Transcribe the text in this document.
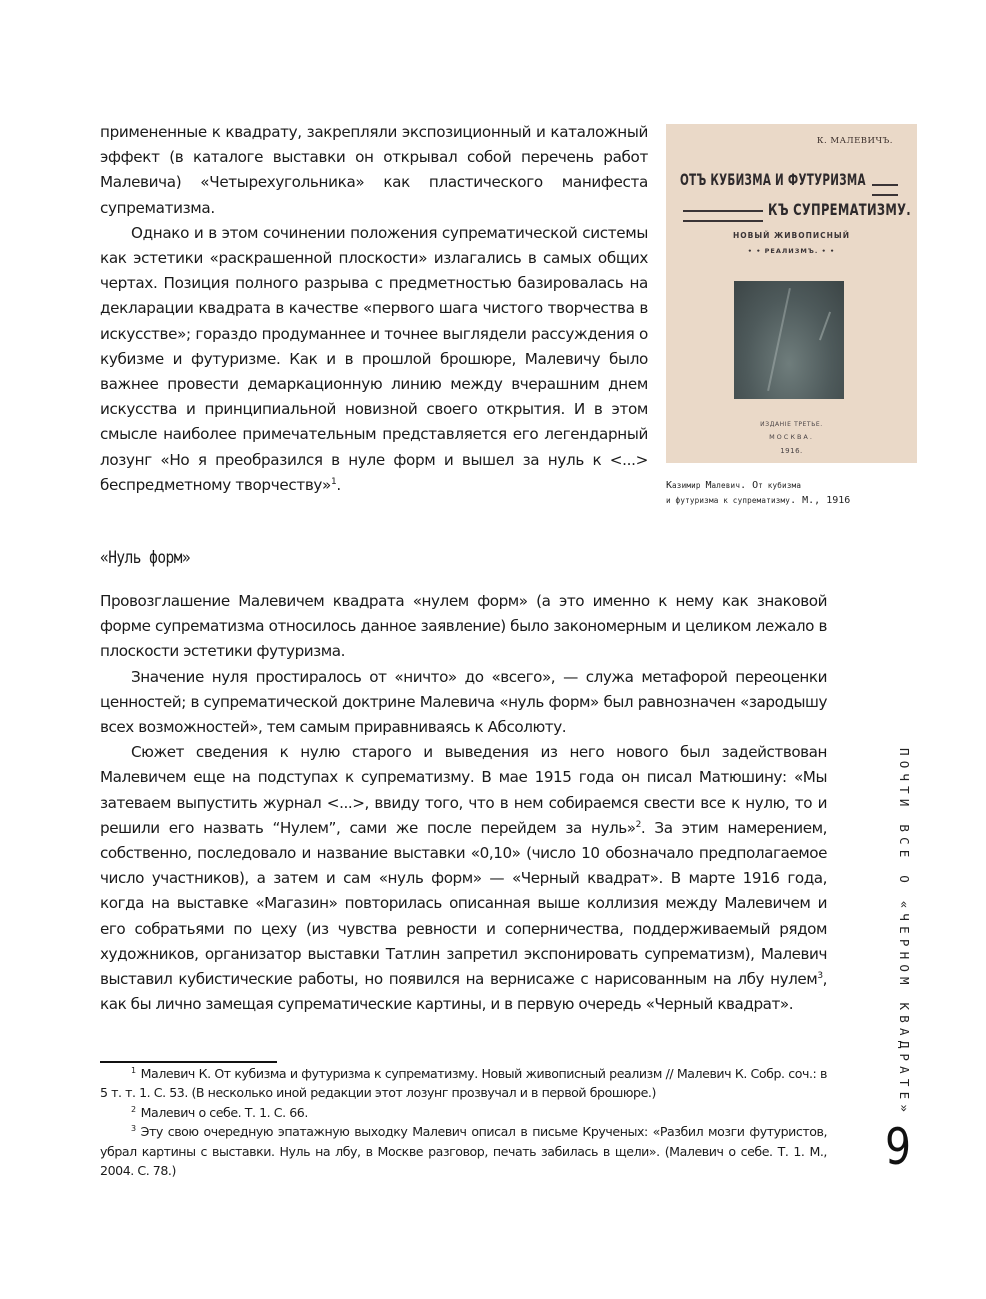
примененные к квадрату, закрепляли экспозиционный и каталожный эффект (в каталоге выставки он открывал собой перечень работ Малевича) «Четырехугольника» как пластического манифеста супрематизма.

Однако и в этом сочинении положения супрематической системы как эстетики «раскрашенной плоскости» излагались в самых общих чертах. Позиция полного разрыва с предметностью базировалась на декларации квадрата в качестве «первого шага чистого творчества в искусстве»; гораздо продуманнее и точнее выглядели рассуждения о кубизме и футуризме. Как и в прошлой брошюре, Малевичу было важнее провести демаркационную линию между вчерашним днем искусства и принципиальной новизной своего открытия. И в этом смысле наиболее примечательным представляется его легендарный лозунг «Но я преобразился в нуле форм и вышел за нуль к <...> беспредметному творчеству»$^1$.

К. МАЛЕВИЧЪ.
ОТЪ КУБИЗМА И ФУТУРИЗМА
КЪ СУПРЕМАТИЗМУ.
НОВЫЙ ЖИВОПИСНЫЙ
• • РЕАЛИЗМЪ. • •
ИЗДАНІЕ ТРЕТЬЕ.
МОСКВА.
1916.
Казимир Малевич. От кубизма
и футуризма к супрематизму. М., 1916
«Нуль форм»

Провозглашение Малевичем квадрата «нулем форм» (а это именно к нему как знаковой форме супрематизма относилось данное заявление) было закономерным и целиком лежало в плоскости эстетики футуризма.

Значение нуля простиралось от «ничто» до «всего», — служа метафорой переоценки ценностей; в супрематической доктрине Малевича «нуль форм» был равнозначен «зародышу всех возможностей», тем самым приравниваясь к Абсолюту.

Сюжет сведения к нулю старого и выведения из него нового был задействован Малевичем еще на подступах к супрематизму. В мае 1915 года он писал Матюшину: «Мы затеваем выпустить журнал <...>, ввиду того, что в нем собираемся свести все к нулю, то и решили его назвать “Нулем”, сами же после перейдем за нуль»$^2$. За этим намерением, собственно, последовало и название выставки «0,10» (число 10 обозначало предполагаемое число участников), а затем и сам «нуль форм» — «Черный квадрат». В марте 1916 года, когда на выставке «Магазин» повторилась описанная выше коллизия между Малевичем и его собратьями по цеху (из чувства ревности и соперничества, поддерживаемый рядом художников, организатор выставки Татлин запретил экспонировать супрематизм), Малевич выставил кубистические работы, но появился на вернисаже с нарисованным на лбу нулем$^3$, как бы лично замещая супрематические картины, и в первую очередь «Черный квадрат».

$^1$ Малевич К. От кубизма и футуризма к супрематизму. Новый живописный реализм // Малевич К. Собр. соч.: в 5 т. т. 1. С. 53. (В несколько иной редакции этот лозунг прозвучал и в первой брошюре.)

$^2$ Малевич о себе. Т. 1. С. 66.

$^3$ Эту свою очередную эпатажную выходку Малевич описал в письме Крученых: «Разбил мозги футуристов, убрал картины с выставки. Нуль на лбу, в Москве разговор, печать забилась в щели». (Малевич о себе. Т. 1. М., 2004. С. 78.)

ПОЧТИ ВСЕ О «ЧЕРНОМ КВАДРАТЕ»
9
